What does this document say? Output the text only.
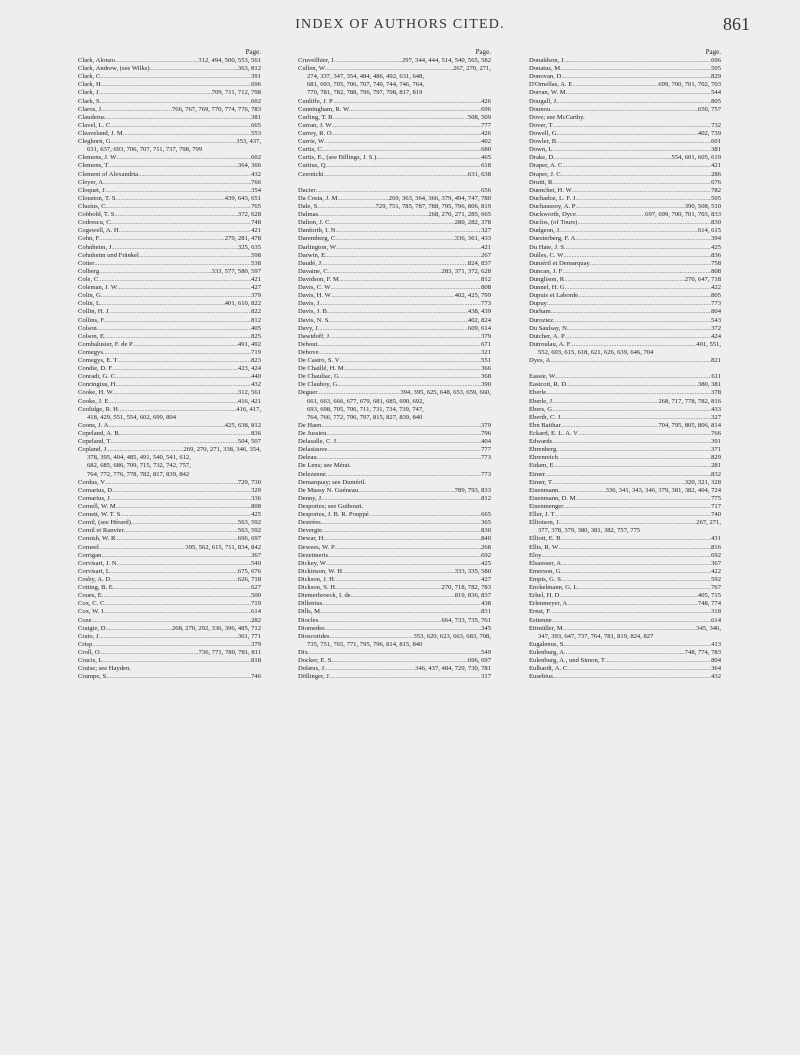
INDEX OF AUTHORS CITED.	861
Page.
Clark, Alonzo .....	312, 494, 500, 553, 561
Clark, Andrew, (see Wilks) .....	363, 812
Clark, C .....	391
Clark, H .....	696
Clark, J .....	709, 711, 712, 798
Clark, S .....	602
Claros, J .....	766, 767, 769, 770, 774, 776, 783
Clauderus .....	381
Clavel, L. C .....	665
Cleaveland, J. M .....	553
Cleghorn, G .....	353, 437,
631, 637, 693, 706, 707, 711, 737, 798, 799
Clemens, J. W .....	602
Clemens, T .....	364, 366
Clement of Alexandria .....	432
Cleyer, A .....	766
Cloquet, J .....	354
Clouston, T. S .....	439, 643, 651
Clusius, C .....	765
Cobbold, T. S .....	372, 628
Codrescu, C .....	748
Cogswell, A. H .....	421
Cohn, F .....	279, 281, 478
Cohnheim, J .....	325, 635
Cohnheim und Fränkel .....	598
Coiter .....	538
Colberg .....	333, 577, 580, 597
Cole, C .....	421
Coleman, J. W .....	427
Colin, G .....	379
Colin, L .....	401, 610, 822
Collin, H. J .....	822
Collins, F .....	812
Colson .....	405
Colson, E .....	825
Combalusier, F. de P .....	491, 492
Comegys .....	719
Comegys, E. T .....	823
Condie, D. F .....	423, 424
Conradi, G. C .....	440
Conringius, H .....	432
Cooke, H. W .....	312, 561
Cooke, J. E .....	416, 421
Coolidge, R. H .....	416, 417,
418, 429, 551, 554, 602, 699, 804
Coons, J. A .....	425, 638, 812
Copeland, A. B .....	836
Copeland, T .....	504, 507
Copland, J .....	269, 270, 271, 338, 346, 354,
378, 395, 404, 485, 491, 540, 541, 612,
682, 685, 686, 709, 715, 732, 742, 757,
764, 772, 776, 778, 782, 817, 839, 842
Cordus, V .....	729, 730
Cornarius, D .....	329
Cornarius, J .....	336
Cornell, W. M .....	808
Cornett, W. T. S .....	425
Cornil, (see Hérard) .....	563, 592
Cornil et Ranvier .....	563, 592
Cornish, W. R .....	696, 697
Corneel .....	395, 562, 615, 711, 834, 842
Corrigan .....	367
Corvisart, J. N .....	540
Corvisart, L .....	675, 676
Cosby, A. D .....	626, 718
Cotting, B. E .....	627
Coues, E .....	500
Cox, C. C .....	719
Cox, W. I .....	614
Coze .....	282
Craigie, D .....	268, 270, 292, 336, 396, 485, 712
Crato, J .....	361, 771
Crisp .....	379
Croll, O .....	736, 771, 780, 781, 811
Crucis, L .....	818
Cruise; see Hayden.
Crumpe, S .....	746
Page.
Cruveilhier, J .....	297, 344, 444, 514, 540, 565, 582
Cullen, W .....	267, 270, 271,
274, 337, 347, 354, 484, 486, 492, 631, 648,
681, 693, 705, 706, 707, 740, 744, 746, 764,
770, 781, 782, 788, 796, 797, 798, 817, 819
Cunliffe, J. P .....	426
Cunningham, R. W .....	696
Curling, T. B .....	508, 509
Curran, J. W .....	777
Currey, R. O .....	426
Currie, W .....	402
Curtis, C .....	680
Curtis, E., (see Billings, J. S.) .....	465
Curtius, Q .....	618
Czernicki .....	631, 638
Dacier .....	656
Da Costa, J. M .....	269, 363, 364, 366, 379, 494, 747, 780
Dale, S .....	729, 751, 785, 787, 788, 795, 796, 806, 819
Dalmas .....	268, 270, 271, 285, 665
Dalton, J. C .....	280, 282, 378
Danforth, I. N .....	327
Daremberg, C .....	336, 361, 433
Darlington, W .....	421
Darwin, E .....	267
Daudé, J .....	824, 837
Davaine, C .....	283, 371, 372, 628
Davidson, F. M .....	812
Davis, C. W .....	808
Davis, H. W .....	402, 425, 799
Davis, J .....	773
Davis, J. B .....	438, 439
Davis, N. S .....	402, 824
Davy, J .....	609, 614
Dawidoff, J .....	379
Debout .....	671
Debove .....	321
De Castro, S. V .....	551
De Chaillé, H. M .....	366
De Chauliac, G .....	368
De Clauboy, G .....	390
Deguer .....	394, 395, 625, 648, 653, 659, 660,
661, 663, 666, 677, 679, 681, 685, 690, 692,
693, 698, 705, 706, 711, 731, 734, 739, 747,
764, 766, 772, 796, 797, 815, 827, 839, 840
De Haen .....	379
De Jussieu .....	796
Delasalle, C. J .....	404
Delasiauve .....	777
Deleau .....	773
De Lens; see Mérat.
Delezenne .....	773
Demarquay; see Duméril.
De Mussy N. Guéneau .....	789, 793, 833
Denny, J .....	812
Desportes; see Guibourt.
Desportes, J. B. R. Pouppé .....	665
Destrées .....	365
Devergie .....	830
Dewar, H .....	840
Dewees, W. P .....	268
Dezeimeris .....	692
Dickey, W .....	425
Dickinson, W. H .....	333, 335, 580
Dickson, J. H .....	427
Dickson, S. H .....	270, 718, 782, 783
Diemerbroeck, I. de .....	819, 836, 837
Dillenius .....	438
Dills, M .....	831
Diocles .....	664, 733, 735, 761
Diomedes .....	345
Dioscorides .....	353, 620, 623, 663, 683, 708,
735, 751, 765, 771, 795, 796, 814, 815, 840
Dix .....	549
Docker, E. S .....	696, 697
Dolæus, J .....	346, 437, 484, 729, 730, 781
Döllinger, J .....	317
Page.
Donaldson, J .....	696
Donatus, M .....	505
Donovan, D .....	829
D'Ornellas, A. E .....	699, 700, 701, 702, 703
Dorran, W. M .....	544
Dougall, J .....	805
Dounou .....	650, 757
Dove; see McCarthy.
Dover, T .....	732
Dowell, G .....	402, 739
Dowler, B .....	601
Down, L .....	381
Drake, D .....	554, 601, 605, 619
Draper, A. C .....	421
Draper, J. C .....	286
Druitt, R .....	676
Duenchet, H. W .....	782
Duchadoz, L. F. J .....	505
Duchaussoy, A. P .....	390, 508, 510
Duckworth, Dyce .....	697, 699, 700, 701, 703, 833
Duclos, (of Tours) .....	830
Dudgeon, J .....	614, 615
Duesterberg, F. A .....	394
Du Hate, J. S .....	425
Dulles, C. W .....	836
Duméril et Demarquay .....	758
Duncan, J. F .....	808
Dunglison, R .....	270, 647, 718
Dunnel, H. G .....	422
Dupuis et Laborde .....	805
Dupuy .....	773
Durham .....	804
Duroziez .....	543
Du Saulsay, N .....	372
Dutcher, A. P .....	424
Dutroulau, A. F .....	401, 551,
552, 603, 615, 618, 621, 626, 639, 646, 704
Dyes, A .....	821
Eassie, W .....	611
Eastcott, R. D .....	380, 381
Eberle .....	378
Eberle, J .....	268, 717, 778, 782, 816
Ebers, G .....	433
Eberth, C. J .....	327
Ebn Baithar .....	704, 795, 805, 806, 814
Eckard, E. L. A. V .....	766
Edwards .....	391
Ehrenberg .....	371
Ehrenreich .....	829
Eidam, E .....	281
Eimer .....	832
Eimer, T .....	320, 321, 328
Eisenmann .....	336, 341, 343, 346, 379, 381, 382, 404, 724
Eisenmann, D. M .....	775
Eisenmenger .....	717
Eller, J. T .....	740
Elliotson, J .....	267, 271,
377, 378, 379, 380, 381, 382, 757, 775
Elliott, E. B .....	431
Ellis, R. W .....	816
Eloy .....	692
Elsaesser, A .....	367
Emerson, G .....	422
Empis, G. S .....	592
Enckelmann, G. L .....	767
Erhel, H. D .....	405, 715
Erlenmeyer, A .....	748, 774
Ernst, F .....	318
Estienne .....	614
Ettmüller, M .....	345, 346,
347, 393, 647, 737, 764, 781, 819, 824, 827
Eugalenus, S .....	413
Eulenburg, A .....	748, 774, 783
Eulenburg, A., und Simon, T .....	804
Eulhardt, A. C .....	364
Eusebius .....	432
